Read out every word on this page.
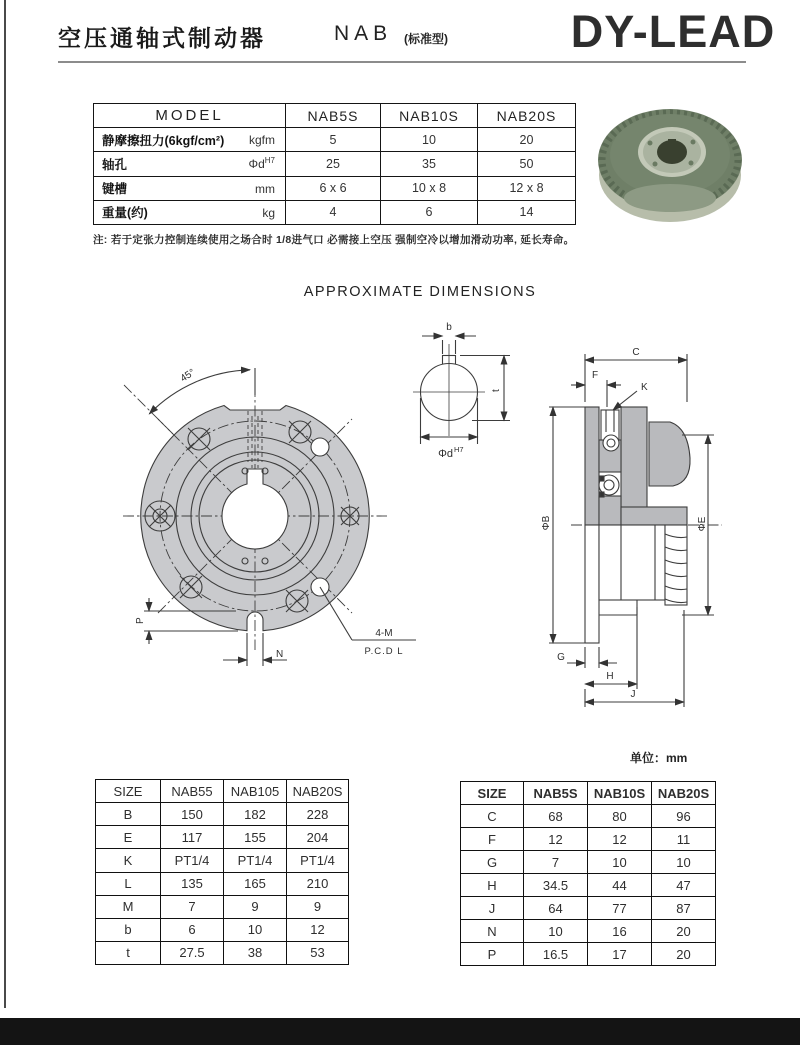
空压通轴式制动器	NAB (标准型)	DY-LEAD
MODEL	NAB5S	NAB10S	NAB20S

静摩擦扭力(6kgf/cm²) kgfm	5	10	20

轴孔 $\Phi d^{H7}$	25	35	50

键槽 mm	6 x 6	10 x 8	12 x 8

重量(约) kg	4	6	14
注: 若于定张力控制连续使用之场合时 1/8进气口 必需接上空压 强制空冷以增加滑动功率, 延长寿命。
APPROXIMATE DIMENSIONS
45°
P
N
4-M
P.C.D L
b
t
Φd H7
C
F
K
ΦB	ΦE
G
H
J
单位：mm
SIZE	NAB55	NAB105	NAB20S
B	150	182	228
E	117	155	204
K	PT1/4	PT1/4	PT1/4
L	135	165	210
M	7	9	9
b	6	10	12
t	27.5	38	53
SIZE	NAB5S	NAB10S	NAB20S
C	68	80	96
F	12	12	11
G	7	10	10
H	34.5	44	47
J	64	77	87
N	10	16	20
P	16.5	17	20
